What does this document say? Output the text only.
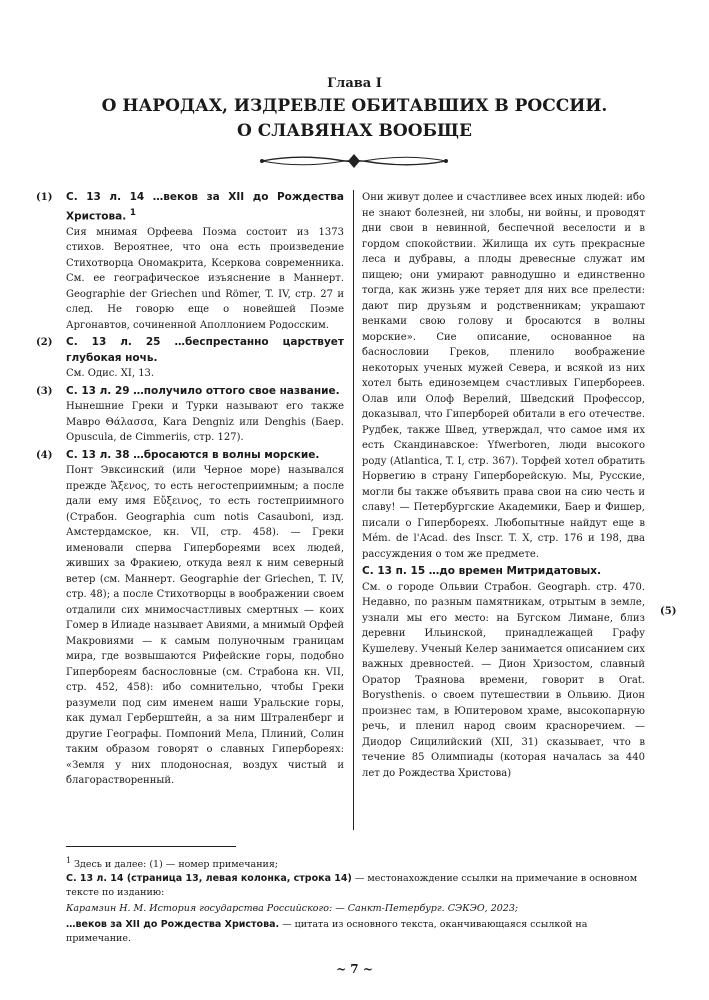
Глава I
О НАРОДАХ, ИЗДРЕВЛЕ ОБИТАВШИХ В РОССИИ.
О СЛАВЯНАХ ВООБЩЕ
(1) С. 13 л. 14 …веков за XII до Рождества Христова. $^1$
Сия мнимая Орфеева Поэма состоит из 1373 стихов. Вероятнее, что она есть произведение Стихотворца Ономакрита, Ксеркова современника. См. ее географическое изъяснение в Маннерт. Geographie der Griechen und Römer, T. IV, стр. 27 и след. Не говорю еще о новейшей Поэме Аргонавтов, сочиненной Аполлонием Родосским.
(2) С. 13 л. 25 …беспрестанно царствует глубокая ночь.
См. Одис. XI, 13.
(3) С. 13 л. 29 …получило оттого свое название.
Нынешние Греки и Турки называют его также Мавро Θάλασσα, Kara Dengniz или Denghis (Баер. Opuscula, de Cimmeriis, стр. 127).
(4) С. 13 л. 38 …бросаются в волны морские.
Понт Эвксинский (или Черное море) назывался прежде Ἄξενος, то есть негостеприимным; а после дали ему имя Εὔξεινος, то есть гостеприимного (Страбон. Geographia cum notis Casauboni, изд. Амстердамское, кн. VII, стр. 458). — Греки именовали сперва Гипербореями всех людей, живших за Фракиею, откуда веял к ним северный ветер (см. Маннерт. Geographie der Griechen, T. IV, стр. 48); а после Стихотворцы в воображении своем отдалили сих мнимосчастливых смертных — коих Гомер в Илиаде называет Авиями, а мнимый Орфей Макровиями — к самым полуночным границам мира, где возвышаются Рифейские горы, подобно Гипербореям баснословные (см. Страбона кн. VII, стр. 452, 458): ибо сомнительно, чтобы Греки разумели под сим именем наши Уральские горы, как думал Герберштейн, а за ним Штраленберг и другие Географы. Помпоний Мела, Плиний, Солин таким образом говорят о славных Гипербореях: «Земля у них плодоносная, воздух чистый и благорастворенный.
Они живут долее и счастливее всех иных людей: ибо не знают болезней, ни злобы, ни войны, и проводят дни свои в невинной, беспечной веселости и в гордом спокойствии. Жилища их суть прекрасные леса и дубравы, а плоды древесные служат им пищею; они умирают равнодушно и единственно тогда, как жизнь уже теряет для них все прелести: дают пир друзьям и родственникам; украшают венками свою голову и бросаются в волны морские». Сие описание, основанное на баснословии Греков, пленило воображение некоторых ученых мужей Севера, и всякой из них хотел быть единоземцем счастливых Гипербореев. Олав или Олоф Верелий, Шведский Профессор, доказывал, что Гиперборей обитали в его отечестве. Рудбек, также Швед, утверждал, что самое имя их есть Скандинавское: Yfwerboren, люди высокого роду (Atlantica, T. I, стр. 367). Торфей хотел обратить Норвегию в страну Гиперборейскую. Мы, Русские, могли бы также объявить права свои на сию честь и славу! — Петербургские Академики, Баер и Фишер, писали о Гипербореях. Любопытные найдут еще в Mém. de l'Acad. des Inscr. T. X, стр. 176 и 198, два рассуждения о том же предмете.
С. 13 п. 15 …до времен Митридатовых.
См. о городе Ольвии Страбон. Geograph. стр. 470. Недавно, по разным памятникам, отрытым в земле, узнали мы его место: на Бугском Лимане, близ деревни Ильинской, принадлежащей Графу Кушелеву. Ученый Келер занимается описанием сих важных древностей. — Дион Хризостом, славный Оратор Траянова времени, говорит в Orat. Borysthenis. о своем путешествии в Ольвию. Дион произнес там, в Юпитеровом храме, высокопарную речь, и пленил народ своим красноречием. — Диодор Сицилийский (XII, 31) сказывает, что в течение 85 Олимпиады (которая началась за 440 лет до Рождества Христова)
(5)
$^1$ Здесь и далее: (1) — номер примечания;
С. 13 л. 14 (страница 13, левая колонка, строка 14) — местонахождение ссылки на примечание в основном тексте по изданию:
Карамзин Н. М. История государства Российского: — Санкт-Петербург. СЭКЭО, 2023;
…веков за XII до Рождества Христова. — цитата из основного текста, оканчивающаяся ссылкой на примечание.
~ 7 ~
